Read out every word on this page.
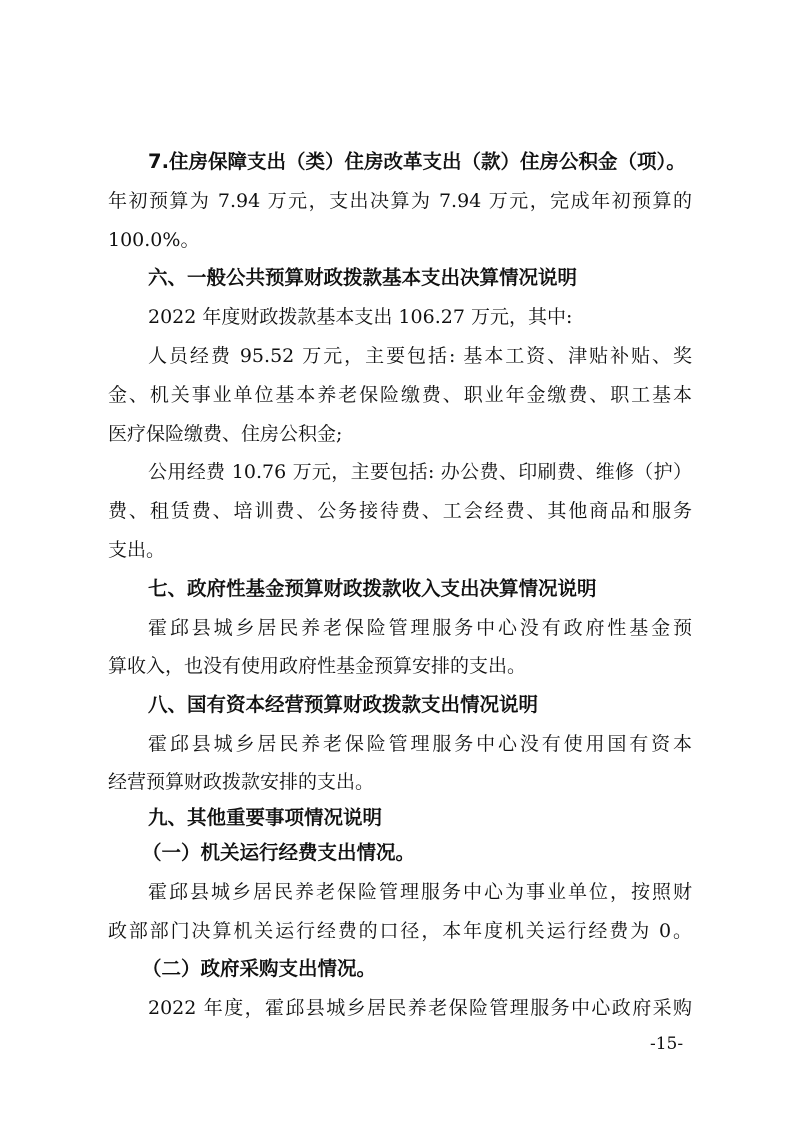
7.住房保障支出（类）住房改革支出（款）住房公积金（项）。
年初预算为 7.94 万元，支出决算为 7.94 万元，完成年初预算的
100.0%。
六、一般公共预算财政拨款基本支出决算情况说明
2022 年度财政拨款基本支出 106.27 万元，其中:
人员经费 95.52 万元，主要包括: 基本工资、津贴补贴、奖
金、机关事业单位基本养老保险缴费、职业年金缴费、职工基本
医疗保险缴费、住房公积金;
公用经费 10.76 万元，主要包括: 办公费、印刷费、维修（护）
费、租赁费、培训费、公务接待费、工会经费、其他商品和服务
支出。
七、政府性基金预算财政拨款收入支出决算情况说明
霍邱县城乡居民养老保险管理服务中心没有政府性基金预
算收入，也没有使用政府性基金预算安排的支出。
八、国有资本经营预算财政拨款支出情况说明
霍邱县城乡居民养老保险管理服务中心没有使用国有资本
经营预算财政拨款安排的支出。
九、其他重要事项情况说明
（一）机关运行经费支出情况。
霍邱县城乡居民养老保险管理服务中心为事业单位，按照财
政部部门决算机关运行经费的口径，本年度机关运行经费为 0。
（二）政府采购支出情况。
2022 年度，霍邱县城乡居民养老保险管理服务中心政府采购
-15-
